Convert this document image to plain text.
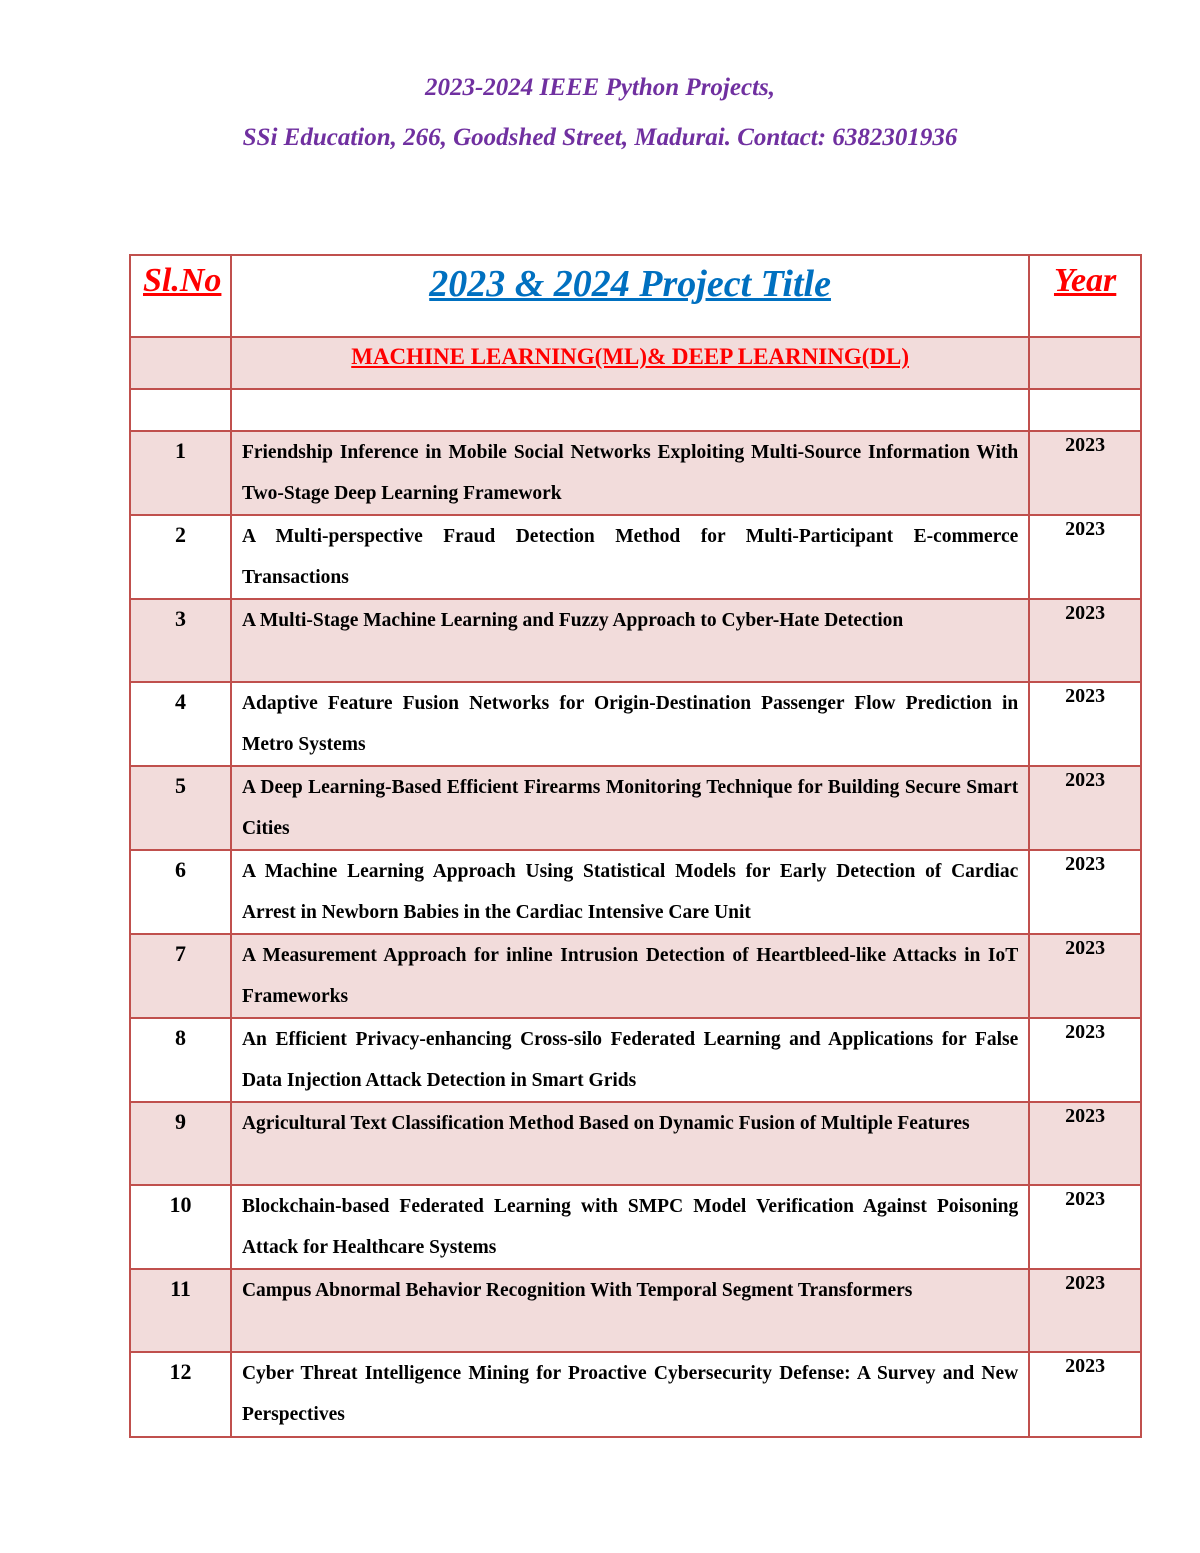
2023-2024 IEEE Python Projects,
SSi Education, 266, Goodshed Street, Madurai. Contact: 6382301936
Sl.No	2023 & 2024 Project Title	Year
	MACHINE LEARNING(ML)& DEEP LEARNING(DL)	

1	Friendship Inference in Mobile Social Networks Exploiting Multi-Source Information With Two-Stage Deep Learning Framework	2023
2	A Multi-perspective Fraud Detection Method for Multi-Participant E-commerce Transactions	2023
3	A Multi-Stage Machine Learning and Fuzzy Approach to Cyber-Hate Detection	2023
4	Adaptive Feature Fusion Networks for Origin-Destination Passenger Flow Prediction in Metro Systems	2023
5	A Deep Learning-Based Efficient Firearms Monitoring Technique for Building Secure Smart Cities	2023
6	A Machine Learning Approach Using Statistical Models for Early Detection of Cardiac Arrest in Newborn Babies in the Cardiac Intensive Care Unit	2023
7	A Measurement Approach for inline Intrusion Detection of Heartbleed-like Attacks in IoT Frameworks	2023
8	An Efficient Privacy-enhancing Cross-silo Federated Learning and Applications for False Data Injection Attack Detection in Smart Grids	2023
9	Agricultural Text Classification Method Based on Dynamic Fusion of Multiple Features	2023
10	Blockchain-based Federated Learning with SMPC Model Verification Against Poisoning Attack for Healthcare Systems	2023
11	Campus Abnormal Behavior Recognition With Temporal Segment Transformers	2023
12	Cyber Threat Intelligence Mining for Proactive Cybersecurity Defense: A Survey and New Perspectives	2023
